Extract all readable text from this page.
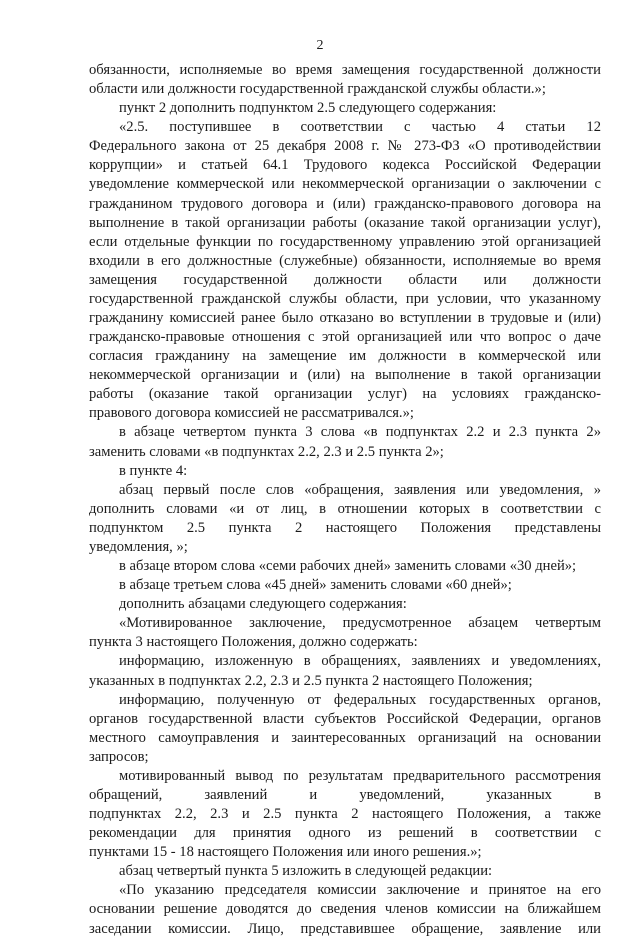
2
обязанности, исполняемые во время замещения государственной должности
области или должности государственной гражданской службы области.»;
пункт 2 дополнить подпунктом 2.5 следующего содержания:
«2.5. поступившее в соответствии с частью 4 статьи 12
Федерального закона от 25 декабря 2008 г. № 273-ФЗ «О противодействии
коррупции» и статьей 64.1 Трудового кодекса Российской Федерации
уведомление коммерческой или некоммерческой организации о заключении с
гражданином трудового договора и (или) гражданско-правового договора на
выполнение в такой организации работы (оказание такой организации услуг),
если отдельные функции по государственному управлению этой организацией
входили в его должностные (служебные) обязанности, исполняемые во время
замещения государственной должности области или должности
государственной гражданской службы области, при условии, что указанному
гражданину комиссией ранее было отказано во вступлении в трудовые и (или)
гражданско-правовые отношения с этой организацией или что вопрос о даче
согласия гражданину на замещение им должности в коммерческой или
некоммерческой организации и (или) на выполнение в такой организации
работы (оказание такой организации услуг) на условиях гражданско-
правового договора комиссией не рассматривался.»;
в абзаце четвертом пункта 3 слова «в подпунктах 2.2 и 2.3 пункта 2»
заменить словами «в подпунктах 2.2, 2.3 и 2.5 пункта 2»;
в пункте 4:
абзац первый после слов «обращения, заявления или уведомления, »
дополнить словами «и от лиц, в отношении которых в соответствии с
подпунктом 2.5 пункта 2 настоящего Положения представлены
уведомления, »;
в абзаце втором слова «семи рабочих дней» заменить словами «30 дней»;
в абзаце третьем слова «45 дней» заменить словами «60 дней»;
дополнить абзацами следующего содержания:
«Мотивированное заключение, предусмотренное абзацем четвертым
пункта 3 настоящего Положения, должно содержать:
информацию, изложенную в обращениях, заявлениях и уведомлениях,
указанных в подпунктах 2.2, 2.3 и 2.5 пункта 2 настоящего Положения;
информацию, полученную от федеральных государственных органов,
органов государственной власти субъектов Российской Федерации, органов
местного самоуправления и заинтересованных организаций на основании
запросов;
мотивированный вывод по результатам предварительного рассмотрения
обращений, заявлений и уведомлений, указанных в
подпунктах 2.2, 2.3 и 2.5 пункта 2 настоящего Положения, а также
рекомендации для принятия одного из решений в соответствии с
пунктами 15 - 18 настоящего Положения или иного решения.»;
абзац четвертый пункта 5 изложить в следующей редакции:
«По указанию председателя комиссии заключение и принятое на его
основании решение доводятся до сведения членов комиссии на ближайшем
заседании комиссии. Лицо, представившее обращение, заявление или
